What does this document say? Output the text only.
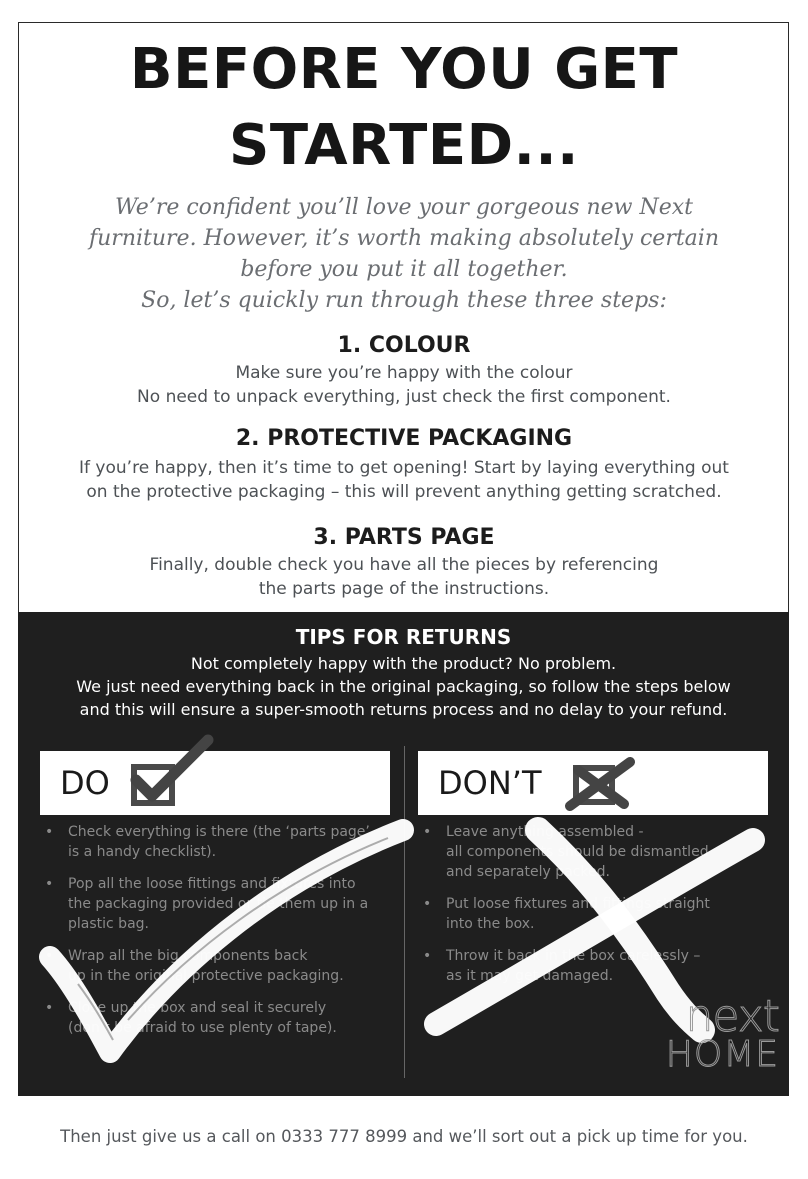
BEFORE YOU GET
STARTED...
We’re confident you’ll love your gorgeous new Next
furniture. However, it’s worth making absolutely certain
before you put it all together.
So, let’s quickly run through these three steps:
1. COLOUR
Make sure you’re happy with the colour
No need to unpack everything, just check the first component.
2. PROTECTIVE PACKAGING
If you’re happy, then it’s time to get opening! Start by laying everything out
on the protective packaging – this will prevent anything getting scratched.
3. PARTS PAGE
Finally, double check you have all the pieces by referencing
the parts page of the instructions.
TIPS FOR RETURNS
Not completely happy with the product? No problem.
We just need everything back in the original packaging, so follow the steps below
and this will ensure a super-smooth returns process and no delay to your refund.
DO
• Check everything is there (the ‘parts page’
is a handy checklist).
• Pop all the loose fittings and fixtures into
the packaging provided or tie them up in a
plastic bag.
• Wrap all the big components back
up in the original protective packaging.
• Close up the box and seal it securely
(don’t be afraid to use plenty of tape).
DON’T
• Leave anything assembled -
all components should be dismantled
and separately packed.
• Put loose fixtures and fittings straight
into the box.
• Throw it back in the box carelessly –
as it may get damaged.
next
HOME
Then just give us a call on 0333 777 8999 and we’ll sort out a pick up time for you.
